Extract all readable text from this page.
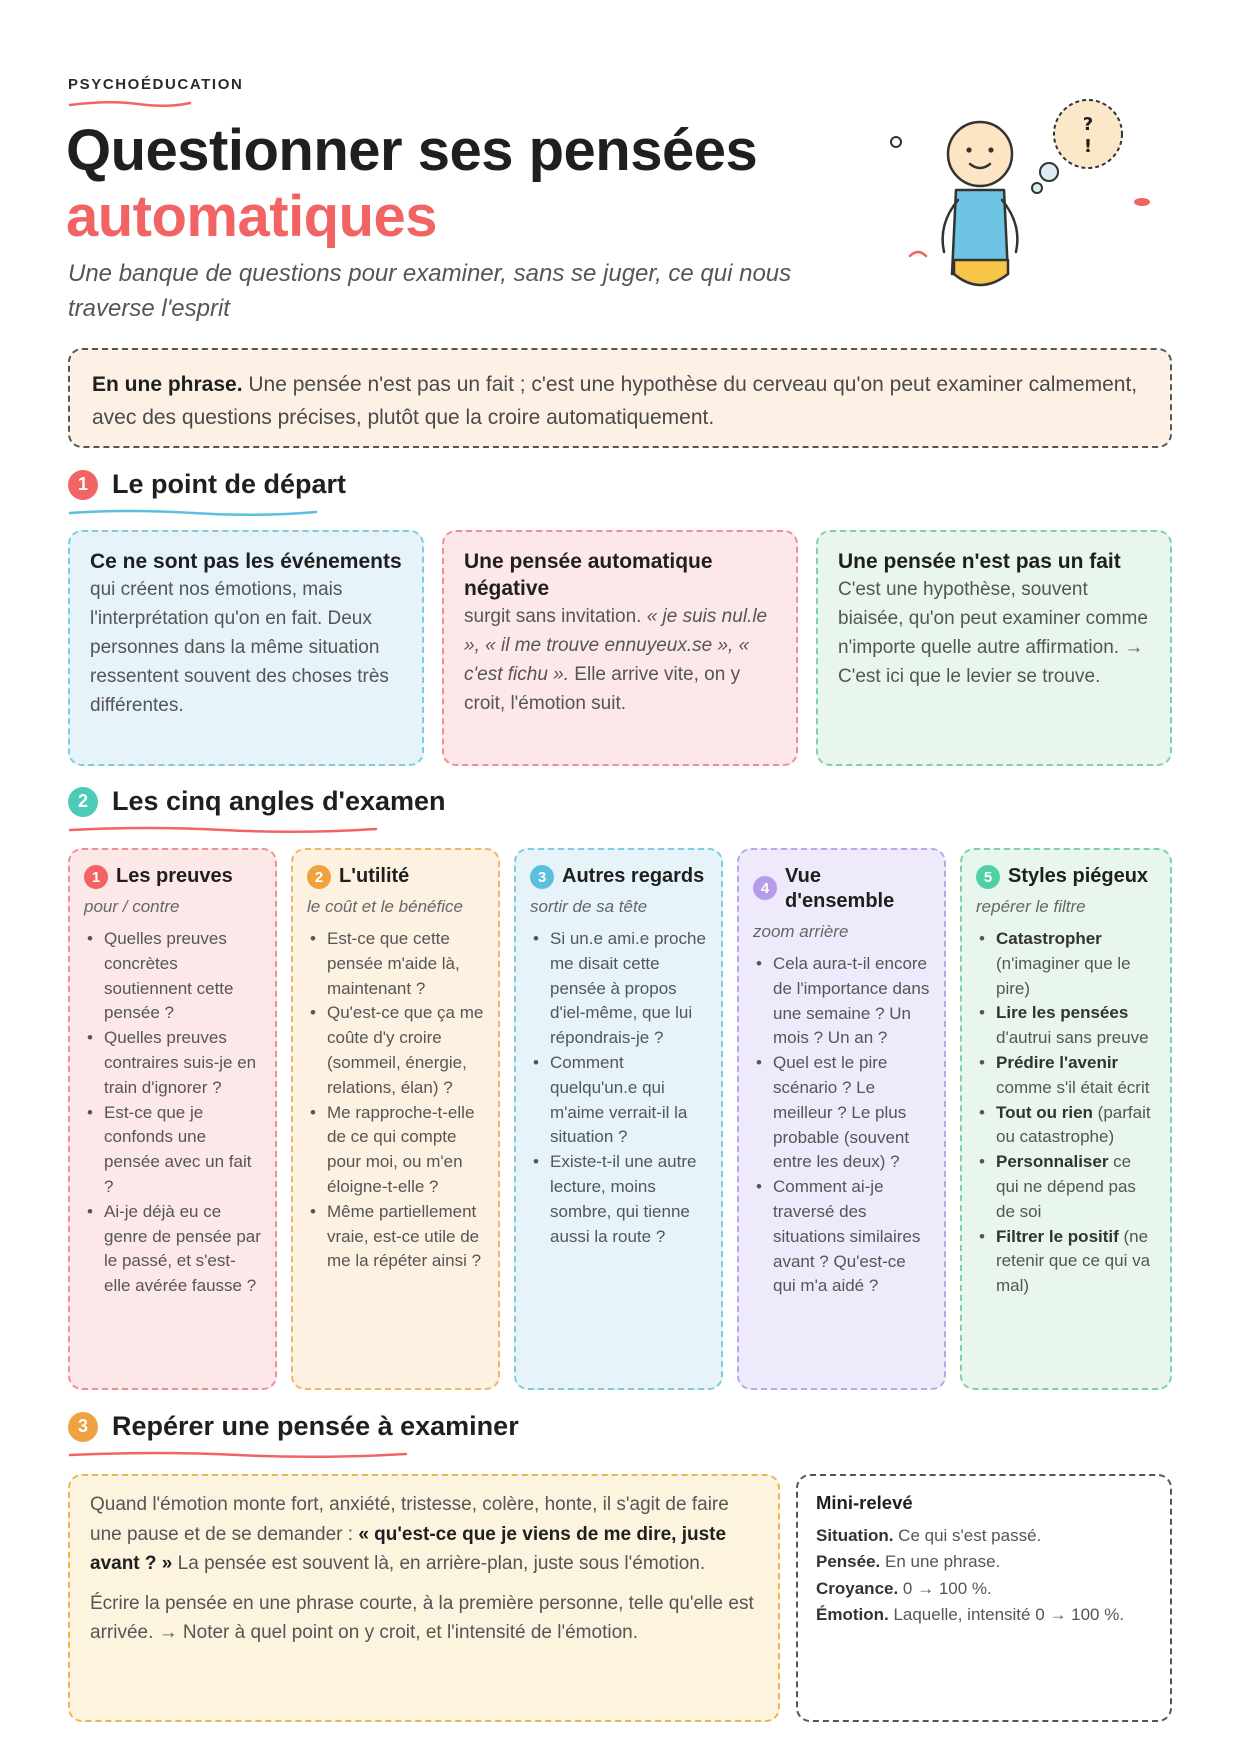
PSYCHOÉDUCATION
Questionner ses pensées
automatiques
Une banque de questions pour examiner, sans se juger, ce qui nous traverse l'esprit
?
!
En une phrase. Une pensée n'est pas un fait ; c'est une hypothèse du cerveau qu'on peut examiner calmement, avec des questions précises, plutôt que la croire automatiquement.
1 Le point de départ
Ce ne sont pas les événements
qui créent nos émotions, mais l'interprétation qu'on en fait. Deux personnes dans la même situation ressentent souvent des choses très différentes.
Une pensée automatique négative
surgit sans invitation. « je suis nul.le », « il me trouve ennuyeux.se », « c'est fichu ». Elle arrive vite, on y croit, l'émotion suit.
Une pensée n'est pas un fait
C'est une hypothèse, souvent biaisée, qu'on peut examiner comme n'importe quelle autre affirmation. → C'est ici que le levier se trouve.
2 Les cinq angles d'examen
1 Les preuves
pour / contre
• Quelles preuves concrètes soutiennent cette pensée ?
• Quelles preuves contraires suis-je en train d'ignorer ?
• Est-ce que je confonds une pensée avec un fait ?
• Ai-je déjà eu ce genre de pensée par le passé, et s'est-elle avérée fausse ?
2 L'utilité
le coût et le bénéfice
• Est-ce que cette pensée m'aide là, maintenant ?
• Qu'est-ce que ça me coûte d'y croire (sommeil, énergie, relations, élan) ?
• Me rapproche-t-elle de ce qui compte pour moi, ou m'en éloigne-t-elle ?
• Même partiellement vraie, est-ce utile de me la répéter ainsi ?
3 Autres regards
sortir de sa tête
• Si un.e ami.e proche me disait cette pensée à propos d'iel-même, que lui répondrais-je ?
• Comment quelqu'un.e qui m'aime verrait-il la situation ?
• Existe-t-il une autre lecture, moins sombre, qui tienne aussi la route ?
4
Vue d'ensemble
zoom arrière
• Cela aura-t-il encore de l'importance dans une semaine ? Un mois ? Un an ?
• Quel est le pire scénario ? Le meilleur ? Le plus probable (souvent entre les deux) ?
• Comment ai-je traversé des situations similaires avant ? Qu'est-ce qui m'a aidé ?
5 Styles piégeux
repérer le filtre
• Catastropher (n'imaginer que le pire)
• Lire les pensées d'autrui sans preuve
• Prédire l'avenir comme s'il était écrit
• Tout ou rien (parfait ou catastrophe)
• Personnaliser ce qui ne dépend pas de soi
• Filtrer le positif (ne retenir que ce qui va mal)
3 Repérer une pensée à examiner

Quand l'émotion monte fort, anxiété, tristesse, colère, honte, il s'agit de faire une pause et de se demander : « qu'est-ce que je viens de me dire, juste avant ? » La pensée est souvent là, en arrière-plan, juste sous l'émotion.

Écrire la pensée en une phrase courte, à la première personne, telle qu'elle est arrivée. → Noter à quel point on y croit, et l'intensité de l'émotion.

Mini-relevé
Situation. Ce qui s'est passé.
Pensée. En une phrase.
Croyance. 0 → 100 %.
Émotion. Laquelle, intensité 0 → 100 %.
